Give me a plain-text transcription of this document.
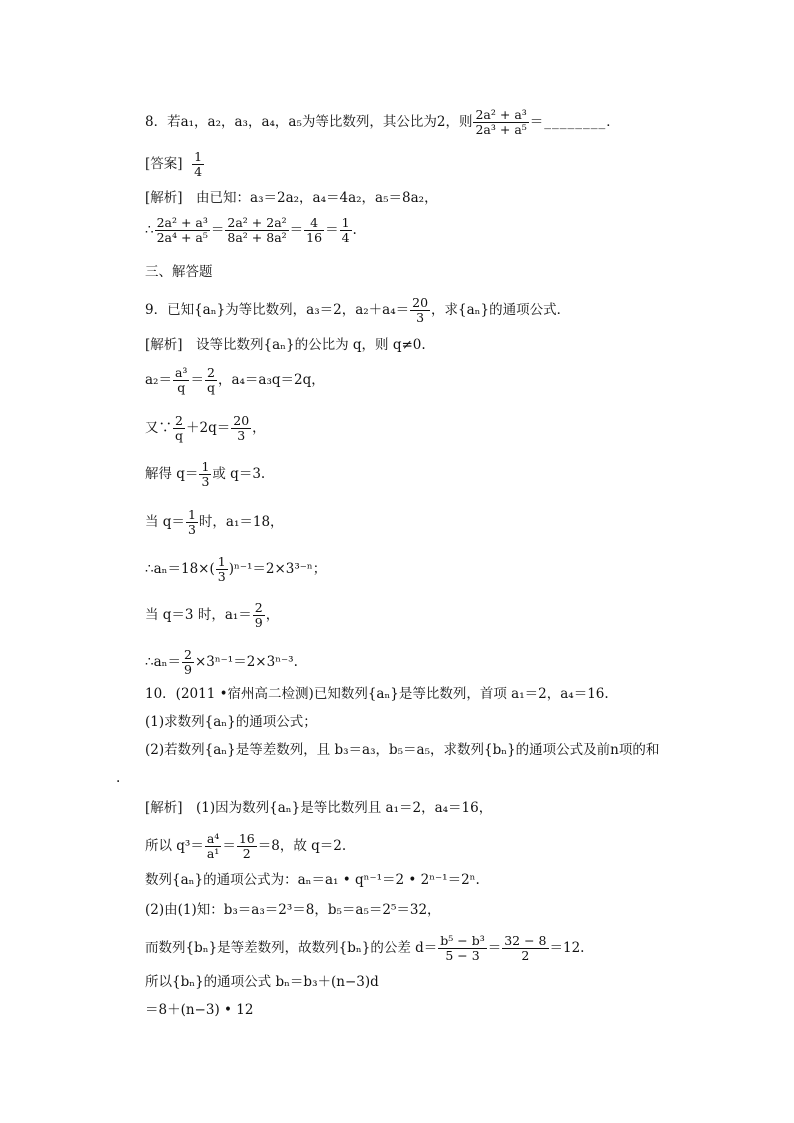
8．若a₁，a₂，a₃，a₄，a₅为等比数列，其公比为2，则 $\frac{\text{2a² + a³}}{\text{2a³ + a⁵}}$ ＝________．
[答案] $\frac{1}{4}$
[解析]　由已知：a₃＝2a₂，a₄＝4a₂，a₅＝8a₂，
∴ $\frac{\text{2a² + a³}}{\text{2a⁴ + a⁵}} = \frac{\text{2a² + 2a²}}{\text{8a² + 8a²}} = \frac{4}{16} = \frac{1}{4}$ .
三、解答题
9．已知{aₙ}为等比数列，a₃＝2，$a_2+a_4= \frac{20}{3}$ ，求{aₙ}的通项公式．
[解析]　设等比数列{aₙ}的公比为 q，则 q≠0.
$a_2= \frac{\text{a³}}{q} = \frac{2}{q}$ ，a₄＝a₃q＝2q，
又∵ $\frac{2}{q} +2q= \frac{20}{3}$ ，
解得 $q= \frac{1}{3}$ 或 q＝3.
当 $q= \frac{1}{3}$ 时，a₁＝18，
∴aₙ＝18×( $\frac{1}{3} )^{n-1}=2\times 3^{3-n}$；
当 q＝3 时，$a_1= \frac{2}{9}$ ，
∴aₙ＝ $\frac{2}{9} \times 3^{n-1}=2\times 3^{n-3}$.
10．(2011 •宿州高二检测)已知数列{aₙ}是等比数列，首项 a₁＝2，a₄＝16.
(1)求数列{aₙ}的通项公式；
(2)若数列{aₙ}是等差数列，且 b₃＝a₃，b₅＝a₅，求数列{bₙ}的通项公式及前n项的和
.
[解析]　(1)因为数列{aₙ}是等比数列且 a₁＝2，a₄＝16，
所以 $q^3= \frac{\text{a⁴}}{\text{a¹}} = \frac{16}{2} =8$，故 q＝2.
数列{aₙ}的通项公式为：aₙ＝a₁ • qⁿ⁻¹＝2 • 2ⁿ⁻¹＝2ⁿ.
(2)由(1)知：b₃＝a₃＝2³＝8，b₅＝a₅＝2⁵＝32，
而数列{bₙ}是等差数列，故数列{bₙ}的公差 $d= \frac{\text{b⁵ − b³}}{5 - 3} = \frac{32 - 8}{2} =12$.
所以{bₙ}的通项公式 bₙ＝b₃＋(n−3)d
＝8＋(n−3) • 12
